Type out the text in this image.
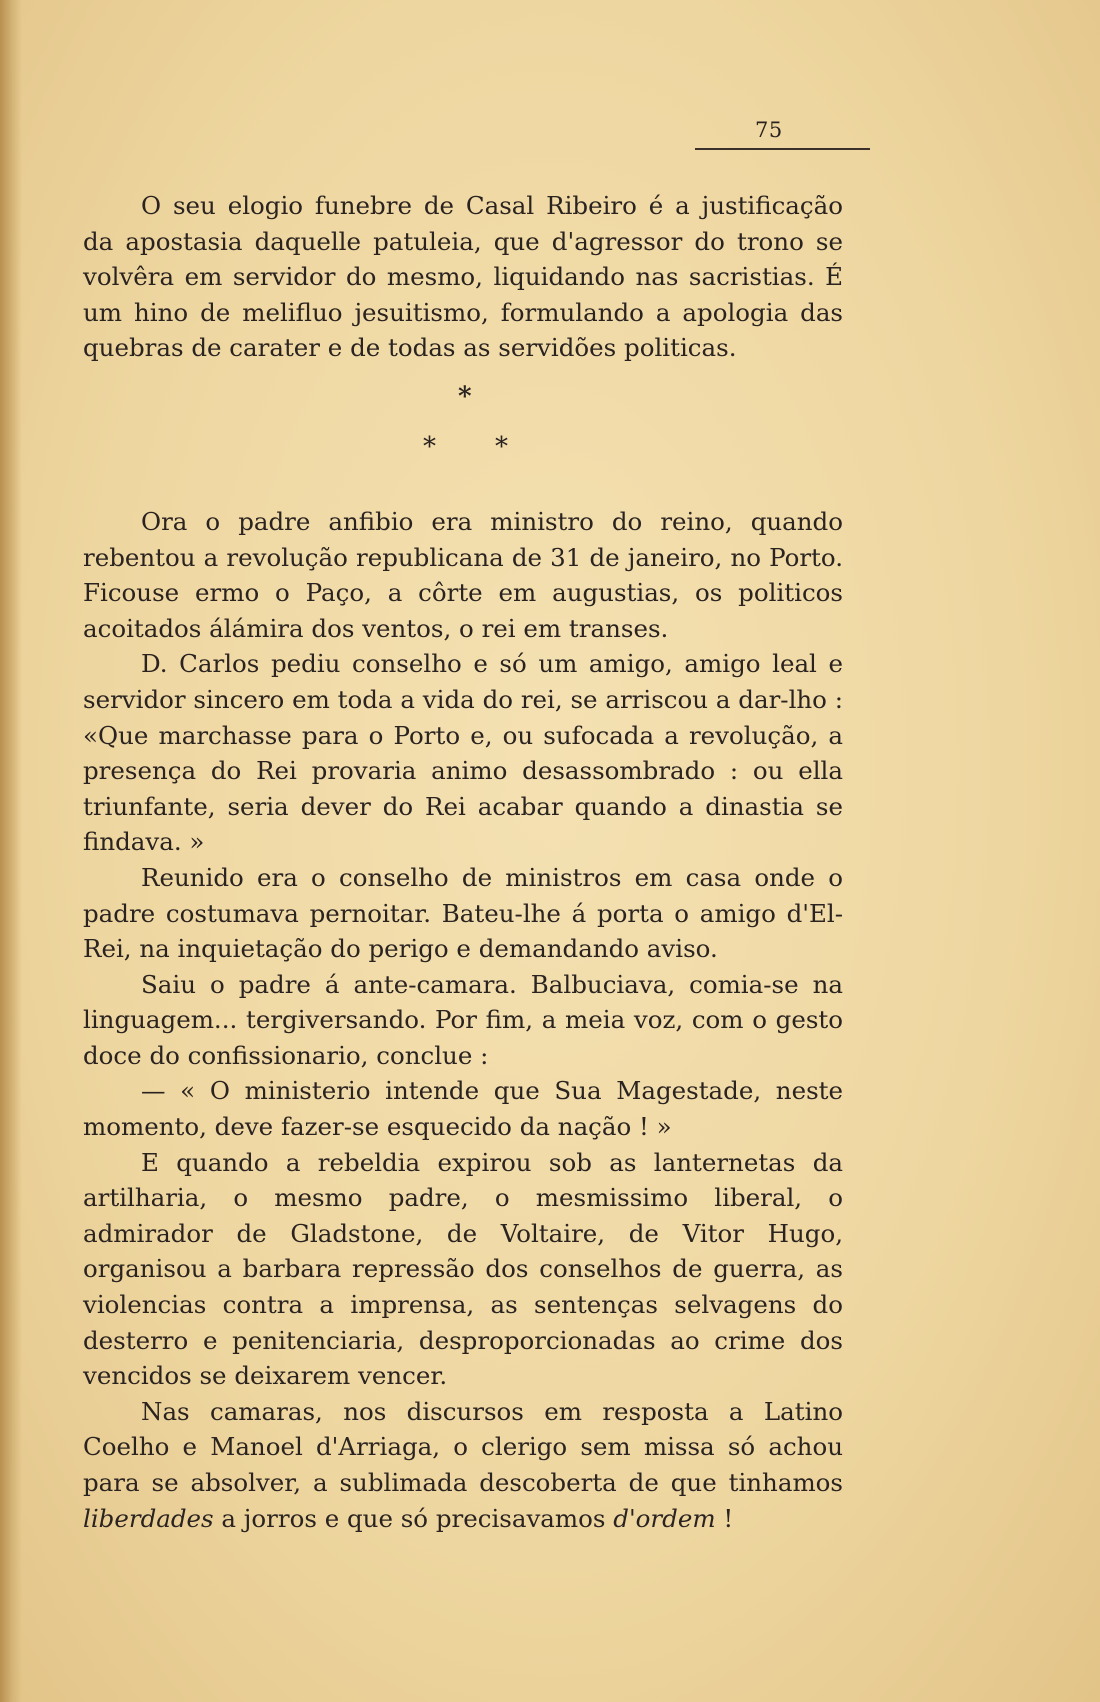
75

O seu elogio funebre de Casal Ribeiro é a justificação da apostasia daquelle patuleia, que d'agressor do trono se volvêra em servidor do mesmo, liquidando nas sacristias. É um hino de melifluo jesuitismo, formulando a apologia das quebras de carater e de todas as servidões politicas.

*
* *

Ora o padre anfibio era ministro do reino, quando rebentou a revolução republicana de 31 de janeiro, no Porto. Ficouse ermo o Paço, a côrte em augustias, os politicos acoitados álámira dos ventos, o rei em transes.

D. Carlos pediu conselho e só um amigo, amigo leal e servidor sincero em toda a vida do rei, se arriscou a dar-lho : «Que marchasse para o Porto e, ou sufocada a revolução, a presença do Rei provaria animo desassombrado : ou ella triunfante, seria dever do Rei acabar quando a dinastia se findava. »

Reunido era o conselho de ministros em casa onde o padre costumava pernoitar. Bateu-lhe á porta o amigo d'El-Rei, na inquietação do perigo e demandando aviso.

Saiu o padre á ante-camara. Balbuciava, comia-se na linguagem... tergiversando. Por fim, a meia voz, com o gesto doce do confissionario, conclue :

— « O ministerio intende que Sua Magestade, neste momento, deve fazer-se esquecido da nação ! »

E quando a rebeldia expirou sob as lanternetas da artilharia, o mesmo padre, o mesmissimo liberal, o admirador de Gladstone, de Voltaire, de Vitor Hugo, organisou a barbara repressão dos conselhos de guerra, as violencias contra a imprensa, as sentenças selvagens do desterro e penitenciaria, desproporcionadas ao crime dos vencidos se deixarem vencer.

Nas camaras, nos discursos em resposta a Latino Coelho e Manoel d'Arriaga, o clerigo sem missa só achou para se absolver, a sublimada descoberta de que tinhamos liberdades a jorros e que só precisavamos d'ordem !
